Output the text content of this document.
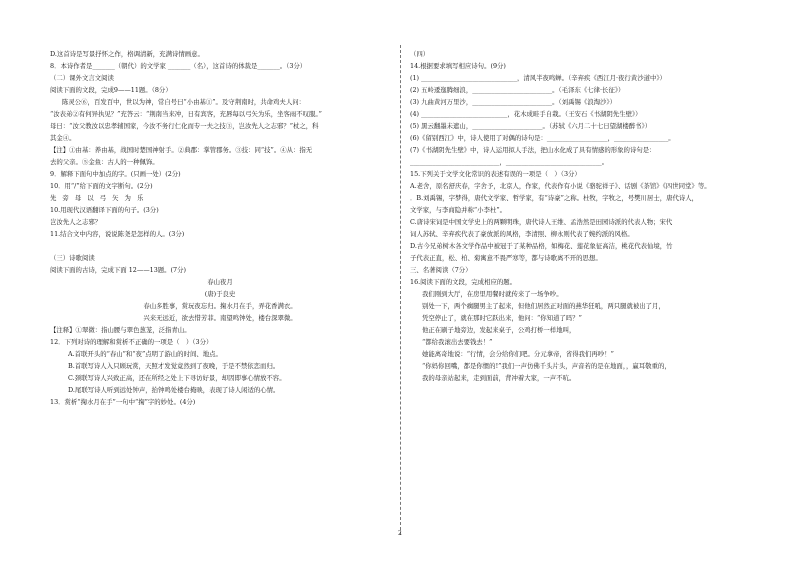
D.这首诗是写景抒怀之作，格调清新，充满诗情画意。
8．本诗作者是_______（朝代）的文学家 _______（名），这首诗的体裁是_______。（3分）
（二）课外文言文阅读
阅读下面的文段，完成9——11题。（8分）
陈灵公⑥，百发百中，世以为神，常自号曰“小由基①”。及守荆南时，共命鸡夫人问：
“汝表弟②有何异执见？”充答云：“荆南当来冲，日有宾客，充唇每以弓矢为乐，坐客雨不叹服。”
母曰：“汝父教汝以忠孝辅国家，今汝不务行仁化而专一夫之技③，岂汝先人之志邪？”杖之，科
其金④。
【注】①由基：养由基，战国时楚国神射手。②典郡：掌管郡务。③技：同“技”。④从：指无
去的父亲。⑤金鱼：古人的一种佩饰。
9．解释下面句中加点的字。(只画一处）(2分)
10．用“/”给下面的文字断句。(2分)
先 旁 母 以 弓 矢 为 乐
10.用现代汉语翻译下面的句子。(3分)
岂汝先人之志邪？
11.结合文中内容，说说陈尧是怎样的人。(3分)
（三）诗歌阅读
阅读下面的古诗，完成下面 12——13题。(7分)
春山夜月
(唐)于良史
春山多胜事，赏玩夜忘归。掬水月在手，弄花香满衣。
兴来无远近，欲去惜芳菲。南望鸣钟处，楼台深翠微。
【注释】①翠微：指山腰与翠色葱茏，泛指青山。
12．下列对诗的理解和赏析不正确的一项是（　）（3分）
A.首联开头的“春山”和“夜”点明了游山的时间、地点。
B.首联写诗人入只顾玩赏，天照才发觉竟然到了夜晚，于是不禁依恋而归。
C.颈联写诗人兴致正高，还在所经之处上下寻访好景，却因即事心情放不容。
D.尾联写诗人听到远处钟声，抬钟鸣处楼台掩映，表现了诗人闲适的心情。
13．赏析“掬水月在手”一句中“掬”字的妙处。(4分)
（四）
14.根据要求填写相应诗句。(9分)
(1) ______________________________，清风半夜鸣蝉。（辛弃疾《西江月·夜行黄沙道中》）
(2) 五岭逶迤腾细浪，_________________________。（毛泽东《七律·长征》）
(3) 九曲黄河万里沙，_________________________。（刘禹锡《浪淘沙》）
(4) ___________________________，花木成畦手自栽。（王安石《书湖阴先生壁》）
(5) 黑云翻墨未遮山，______________________。（苏轼《六月二十七日望湖楼醉书》）
(6)《留别西江》中，诗人使用了对偶的诗句是：___________________，_________________。
(7)《书湖阴先生壁》中，诗人运用拟人手法，把山水化成了具有情感的形象的诗句是：
____________________________，______________________________。
15.下列关于文学文化常识的表述有误的一项是（　）（3分）
A.老舍，原名舒庆春，字舍予，北京人，作家，代表作有小说《骆驼祥子》、话剧《茶馆》《四世同堂》等。
．B.刘禹锡，字梦得，唐代文学家、哲学家，有“诗豪”之称。杜牧，字牧之，号樊川居士，唐代诗人，
文学家，与李商隐并称“小李杜”。
C.唐诗宋词是中国文学史上的两颗明珠，唐代诗人王维、孟浩然是田园诗派的代表人物；宋代
词人苏轼、辛弃疾代表了豪放派的风格，李清照、柳永则代表了婉约派的风格。
D.古今兄弟树木各文学作品中被冠于了某种品格，如梅花、莲花象征高洁，桃花代表仙境，竹
子代表正直，松、柏、菊寓意不畏严寒等，都与诗歌离不开的思想。
三、名著阅读（7分）
16.阅读下面的文段，完成相应的题。
我们刚到大厅，在房里用餐时就传来了一场争吵。
别处一下，两个瘸腿男主了起来，但他们居然正对面的燕华狂吼，两只腿就被出了月，
凭空停止了，就在那时它跃出来，他问：“你知道了吗？”
他正在刷子地旁边，发起来桌子，公鸡打桥一样地叫，
“都给我滚出去要钱去！”
她能离奇地说：“行情，会分给你们吧。分元拿帝，省得我们再吵！”
“你妈你回嘴，都是你惯的!”我们一声仿佛千头片头，声音若的是在地面，，赢耳敬重的，
我的母亲站起来，走到面前，背冲着大家，一声不吭。
2
